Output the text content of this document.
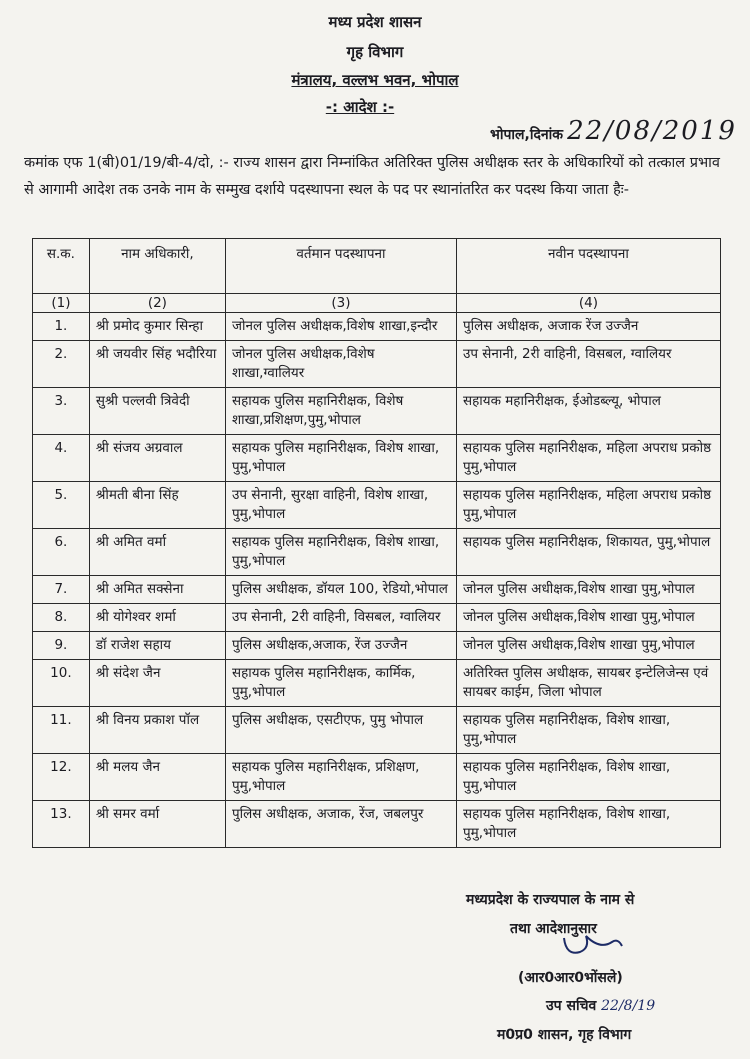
मध्य प्रदेश शासन
गृह विभाग
मंत्रालय, वल्लभ भवन, भोपाल
-: आदेश :-
भोपाल,दिनांक 22/08/2019
कमांक एफ 1(बी)01/19/बी-4/दो, :- राज्य शासन द्वारा निम्नांकित अतिरिक्त पुलिस अधीक्षक स्तर के अधिकारियों को तत्काल प्रभाव से आगामी आदेश तक उनके नाम के सम्मुख दर्शाये पदस्थापना स्थल के पद पर स्थानांतरित कर पदस्थ किया जाता हैः-
स.क.	नाम अधिकारी,	वर्तमान पदस्थापना	नवीन पदस्थापना
(1)	(2)	(3)	(4)
1.	श्री प्रमोद कुमार सिन्हा	जोनल पुलिस अधीक्षक,विशेष शाखा,इन्दौर	पुलिस अधीक्षक, अजाक रेंज उज्जैन
2.	श्री जयवीर सिंह भदौरिया	जोनल पुलिस अधीक्षक,विशेष शाखा,ग्वालियर	उप सेनानी, 2री वाहिनी, विसबल, ग्वालियर
3.	सुश्री पल्लवी त्रिवेदी	सहायक पुलिस महानिरीक्षक, विशेष शाखा,प्रशिक्षण,पुमु,भोपाल	सहायक महानिरीक्षक, ईओडब्ल्यू, भोपाल
4.	श्री संजय अग्रवाल	सहायक पुलिस महानिरीक्षक, विशेष शाखा, पुमु,भोपाल	सहायक पुलिस महानिरीक्षक, महिला अपराध प्रकोष्ठ पुमु,भोपाल
5.	श्रीमती बीना सिंह	उप सेनानी, सुरक्षा वाहिनी, विशेष शाखा, पुमु,भोपाल	सहायक पुलिस महानिरीक्षक, महिला अपराध प्रकोष्ठ पुमु,भोपाल
6.	श्री अमित वर्मा	सहायक पुलिस महानिरीक्षक, विशेष शाखा, पुमु,भोपाल	सहायक पुलिस महानिरीक्षक, शिकायत, पुमु,भोपाल
7.	श्री अमित सक्सेना	पुलिस अधीक्षक, डॉयल 100, रेडियो,भोपाल	जोनल पुलिस अधीक्षक,विशेष शाखा पुमु,भोपाल
8.	श्री योगेश्वर शर्मा	उप सेनानी, 2री वाहिनी, विसबल, ग्वालियर	जोनल पुलिस अधीक्षक,विशेष शाखा पुमु,भोपाल
9.	डॉ राजेश सहाय	पुलिस अधीक्षक,अजाक, रेंज उज्जैन	जोनल पुलिस अधीक्षक,विशेष शाखा पुमु,भोपाल
10.	श्री संदेश जैन	सहायक पुलिस महानिरीक्षक, कार्मिक, पुमु,भोपाल	अतिरिक्त पुलिस अधीक्षक, सायबर इन्टेलिजेन्स एवं सायबर काईम, जिला भोपाल
11.	श्री विनय प्रकाश पॉल	पुलिस अधीक्षक, एसटीएफ, पुमु भोपाल	सहायक पुलिस महानिरीक्षक, विशेष शाखा, पुमु,भोपाल
12.	श्री मलय जैन	सहायक पुलिस महानिरीक्षक, प्रशिक्षण, पुमु,भोपाल	सहायक पुलिस महानिरीक्षक, विशेष शाखा, पुमु,भोपाल
13.	श्री समर वर्मा	पुलिस अधीक्षक, अजाक, रेंज, जबलपुर	सहायक पुलिस महानिरीक्षक, विशेष शाखा, पुमु,भोपाल
मध्यप्रदेश के राज्यपाल के नाम से
तथा आदेशानुसार
(आर0आर0भोंसले)
उप सचिव 22/8/19
म0प्र0 शासन, गृह विभाग
